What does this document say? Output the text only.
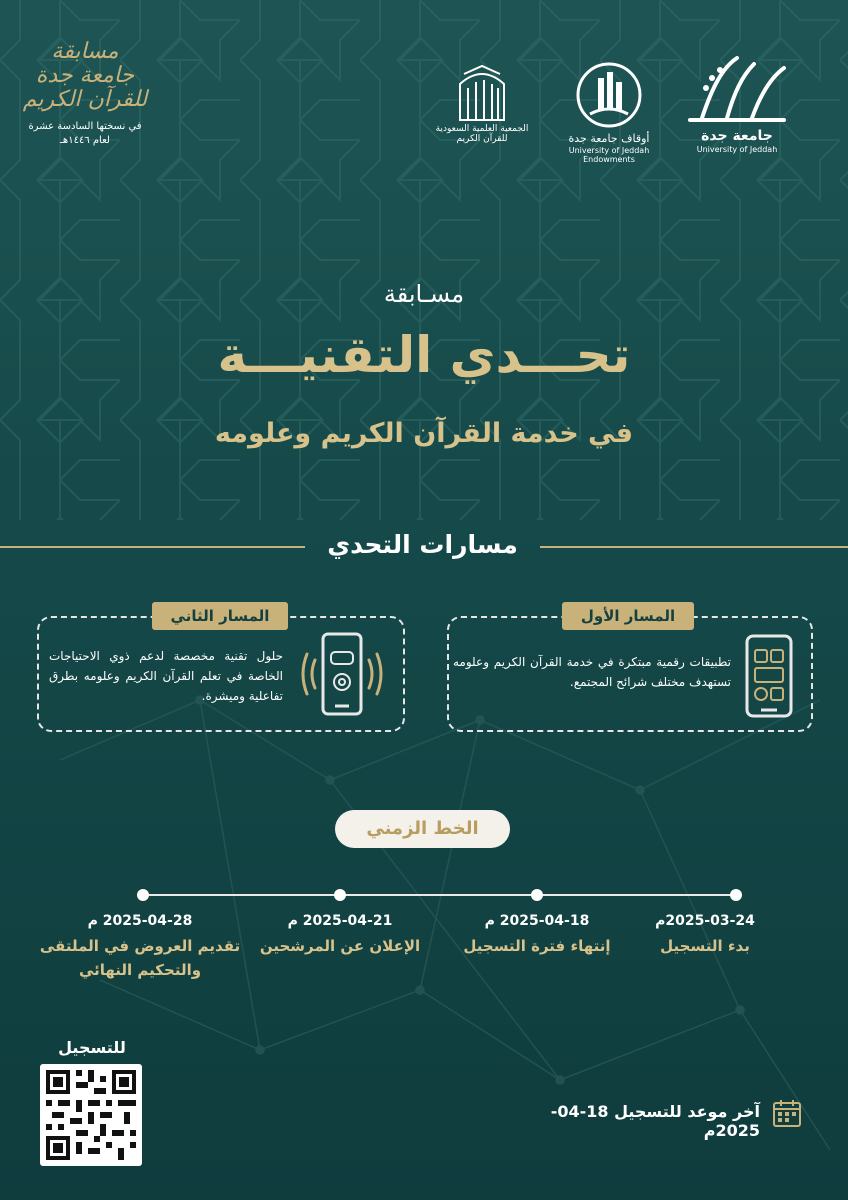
جامعة جدة
University of Jeddah
أوقاف جامعة جدة
University of Jeddah Endowments
الجمعية العلمية السعودية للقرآن الكريم
مسابقة
جامعة جدة
للقرآن الكريم
في نسختها السادسة عشرة
لعام ١٤٤٦هـ
مسـابقة
تحـــدي التقنيـــة
في خدمة القرآن الكريم وعلومه
مسارات التحدي
المسار الأول
تطبيقات رقمية مبتكرة في خدمة القرآن الكريم وعلومه تستهدف مختلف شرائح المجتمع.
المسار الثاني
حلول تقنية مخصصة لدعم ذوي الاحتياجات الخاصة في تعلم القرآن الكريم وعلومه بطرق تفاعلية وميشرة.
الخط الزمني
2025-03-24م
بدء التسجيل
2025-04-18 م
إنتهاء فترة التسجيل
2025-04-21 م
الإعلان عن المرشحين
2025-04-28 م
تقديم العروض في الملتقى والتحكيم النهائي
للتسجيل
آخر موعد للتسجيل 18-04-2025م
